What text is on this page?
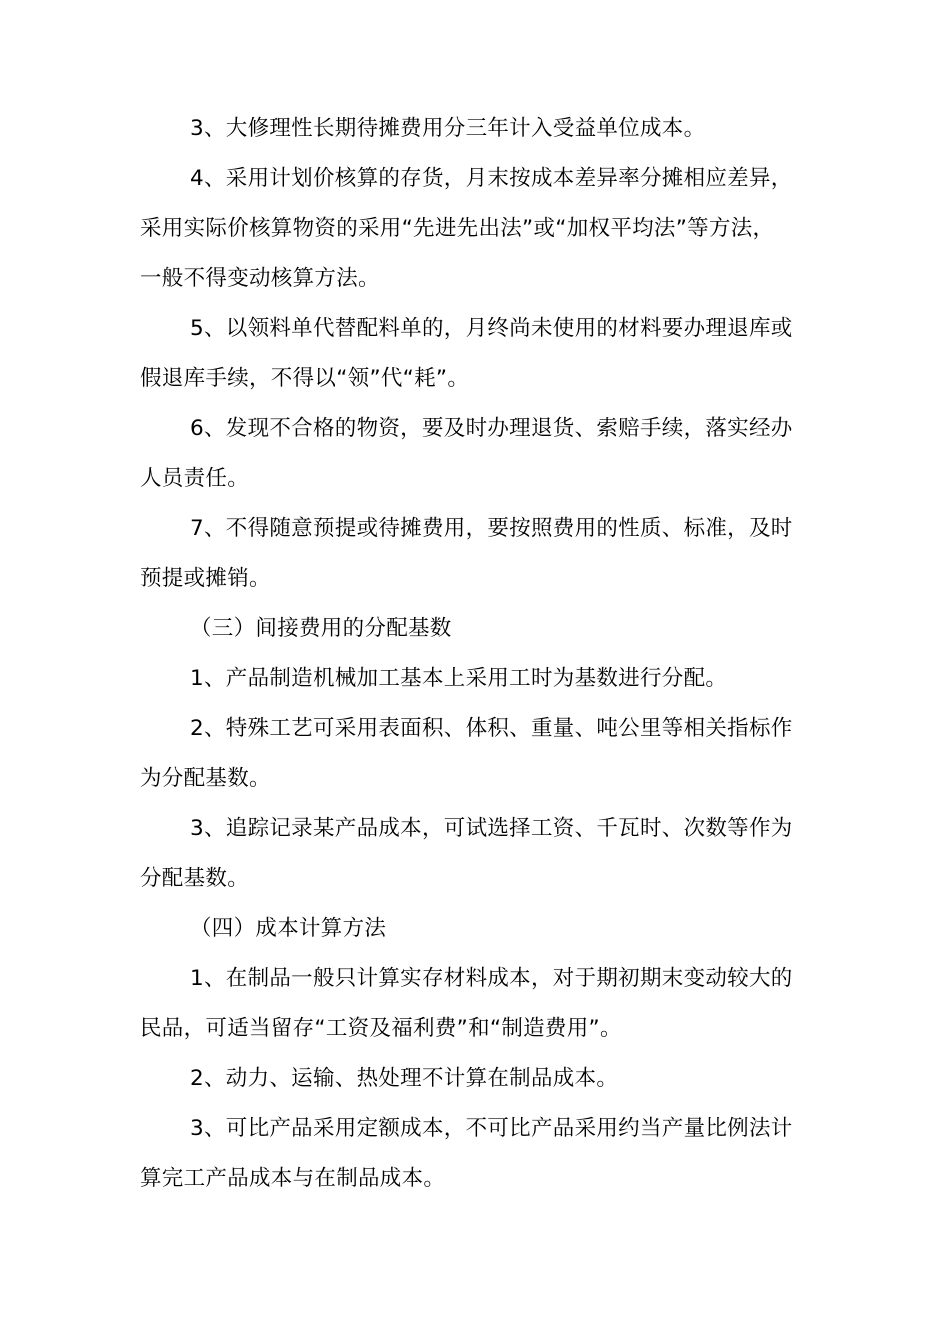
3、大修理性长期待摊费用分三年计入受益单位成本。

4、采用计划价核算的存货，月末按成本差异率分摊相应差异，
采用实际价核算物资的采用“先进先出法”或“加权平均法”等方法，
一般不得变动核算方法。

5、以领料单代替配料单的，月终尚未使用的材料要办理退库或
假退库手续，不得以“领”代“耗”。

6、发现不合格的物资，要及时办理退货、索赔手续，落实经办
人员责任。

7、不得随意预提或待摊费用，要按照费用的性质、标准，及时
预提或摊销。

（三）间接费用的分配基数

1、产品制造机械加工基本上采用工时为基数进行分配。

2、特殊工艺可采用表面积、体积、重量、吨公里等相关指标作
为分配基数。

3、追踪记录某产品成本，可试选择工资、千瓦时、次数等作为
分配基数。

（四）成本计算方法

1、在制品一般只计算实存材料成本，对于期初期末变动较大的
民品，可适当留存“工资及福利费”和“制造费用”。

2、动力、运输、热处理不计算在制品成本。

3、可比产品采用定额成本，不可比产品采用约当产量比例法计
算完工产品成本与在制品成本。
